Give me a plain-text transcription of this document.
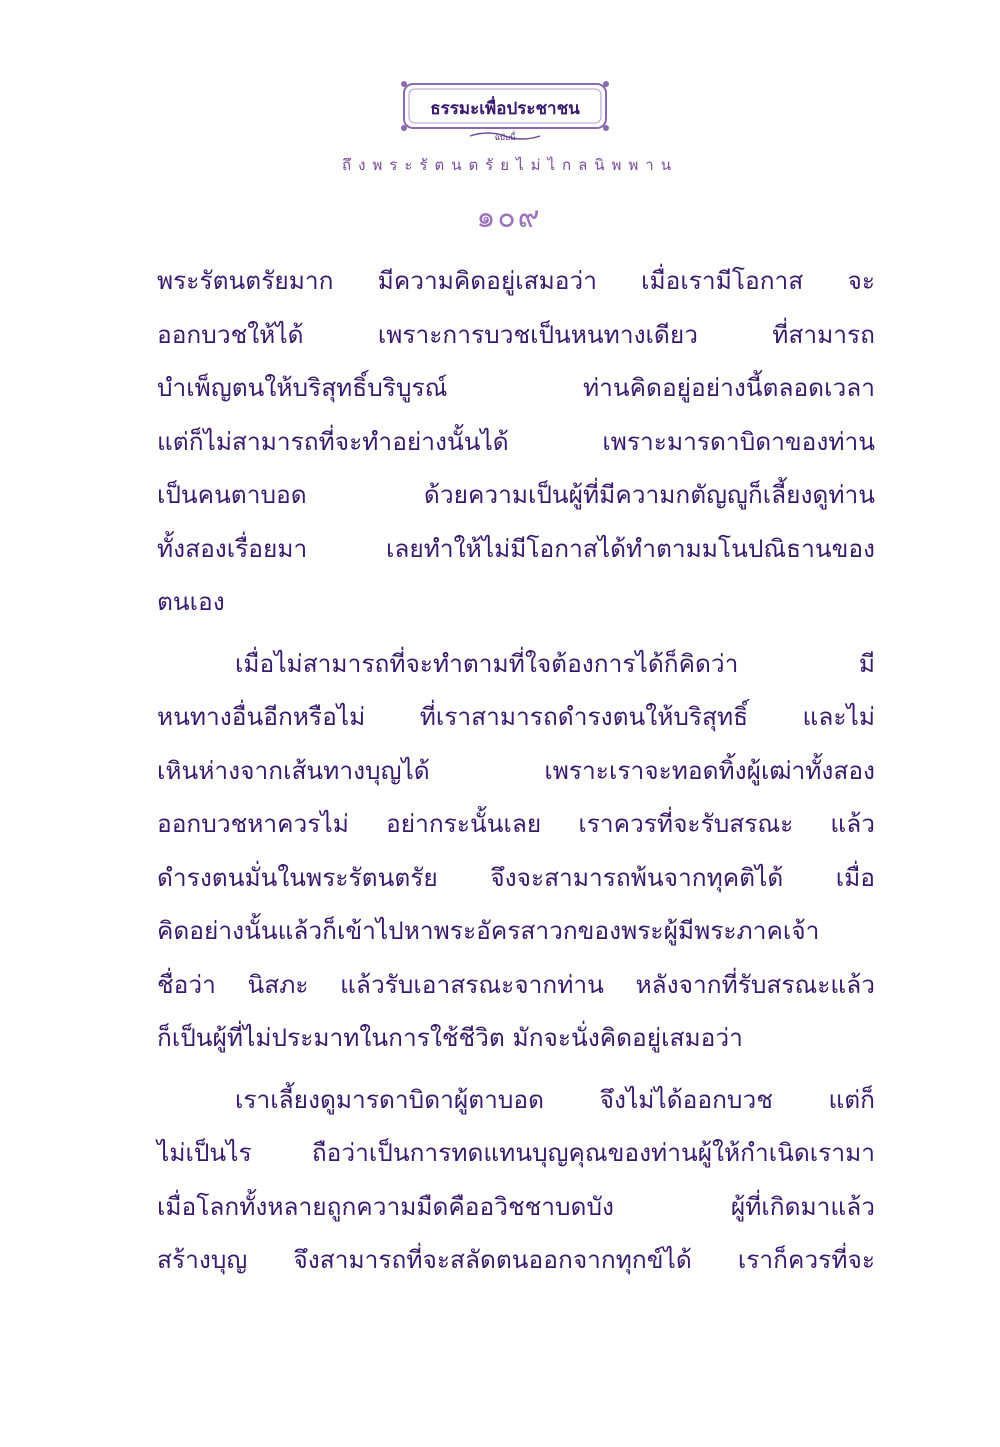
ธรรมะเพื่อประชาชน
ฉบับนี้
ถึงพระรัตนตรัยไม่ไกลนิพพาน
๑๐๙
พระรัตนตรัยมาก มีความคิดอยู่เสมอว่า เมื่อเรามีโอกาส จะ
ออกบวชให้ได้ เพราะการบวชเป็นหนทางเดียว ที่สามารถ
บำเพ็ญตนให้บริสุทธิ์บริบูรณ์ ท่านคิดอยู่อย่างนี้ตลอดเวลา
แต่ก็ไม่สามารถที่จะทำอย่างนั้นได้ เพราะมารดาบิดาของท่าน
เป็นคนตาบอด ด้วยความเป็นผู้ที่มีความกตัญญูก็เลี้ยงดูท่าน
ทั้งสองเรื่อยมา เลยทำให้ไม่มีโอกาสได้ทำตามมโนปณิธานของ
ตนเอง
เมื่อไม่สามารถที่จะทำตามที่ใจต้องการได้ก็คิดว่า มี
หนทางอื่นอีกหรือไม่ ที่เราสามารถดำรงตนให้บริสุทธิ์ และไม่
เหินห่างจากเส้นทางบุญได้ เพราะเราจะทอดทิ้งผู้เฒ่าทั้งสอง
ออกบวชหาควรไม่ อย่ากระนั้นเลย เราควรที่จะรับสรณะ แล้ว
ดำรงตนมั่นในพระรัตนตรัย จึงจะสามารถพ้นจากทุคติได้ เมื่อ
คิดอย่างนั้นแล้วก็เข้าไปหาพระอัครสาวกของพระผู้มีพระภาคเจ้า
ชื่อว่า นิสภะ แล้วรับเอาสรณะจากท่าน หลังจากที่รับสรณะแล้ว
ก็เป็นผู้ที่ไม่ประมาทในการใช้ชีวิต มักจะนั่งคิดอยู่เสมอว่า
เราเลี้ยงดูมารดาบิดาผู้ตาบอด จึงไม่ได้ออกบวช แต่ก็
ไม่เป็นไร ถือว่าเป็นการทดแทนบุญคุณของท่านผู้ให้กำเนิดเรามา
เมื่อโลกทั้งหลายถูกความมืดคืออวิชชาบดบัง ผู้ที่เกิดมาแล้ว
สร้างบุญ จึงสามารถที่จะสลัดตนออกจากทุกข์ได้ เราก็ควรที่จะ
